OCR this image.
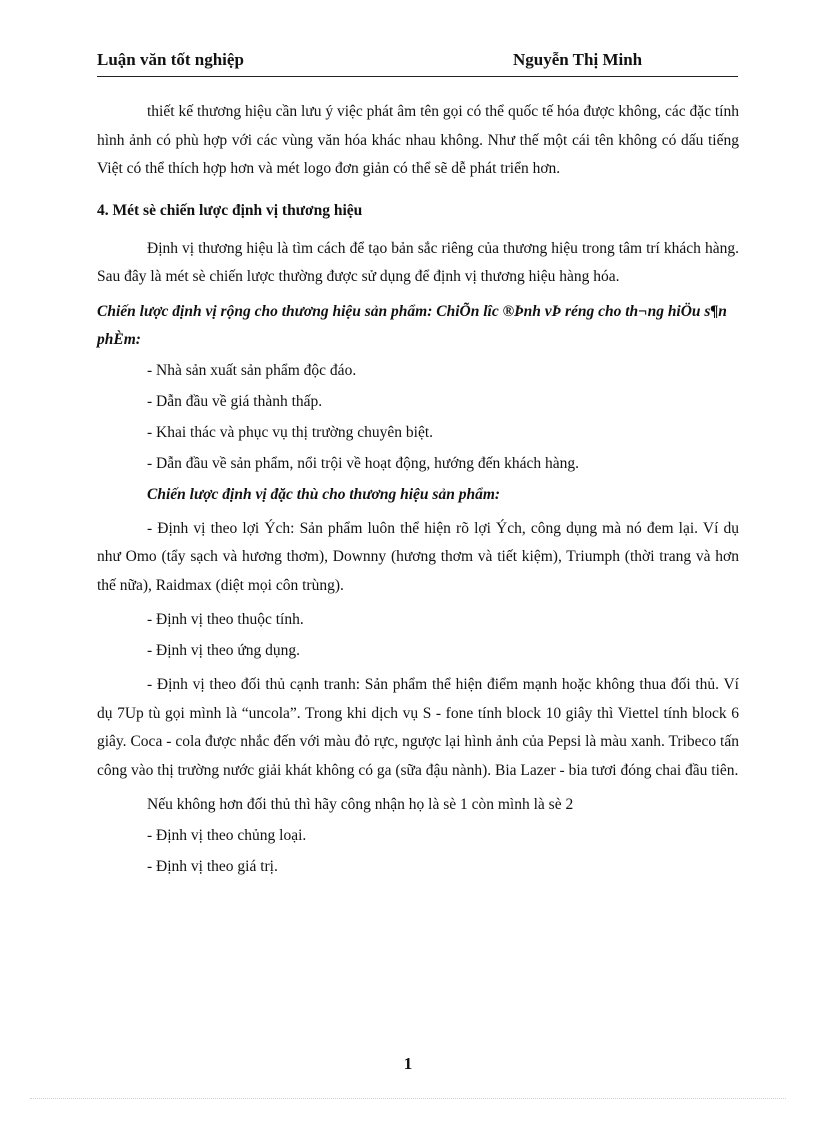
Luận văn tốt nghiệp	Nguyễn Thị Minh

thiết kế thương hiệu cần lưu ý việc phát âm tên gọi có thể quốc tế hóa được không, các đặc tính hình ảnh có phù hợp với các vùng văn hóa khác nhau không. Như thế một cái tên không có dấu tiếng Việt có thể thích hợp hơn và mét logo đơn giản có thể sẽ dễ phát triển hơn.

4. Mét sè chiến lược định vị thương hiệu

Định vị thương hiệu là tìm cách để tạo bản sắc riêng của thương hiệu trong tâm trí khách hàng. Sau đây là mét sè chiến lược thường được sử dụng để định vị thương hiệu hàng hóa.

Chiến lược định vị rộng cho thương hiệu sản phẩm: ChiÕn lîc ®Þnh vÞ réng cho th¬ng hiÖu s¶n phÈm:

- Nhà sản xuất sản phẩm độc đáo.

- Dẫn đầu về giá thành thấp.

- Khai thác và phục vụ thị trường chuyên biệt.

- Dẫn đầu về sản phẩm, nổi trội về hoạt động, hướng đến khách hàng.

Chiến lược định vị đặc thù cho thương hiệu sản phẩm:

- Định vị theo lợi Ých: Sản phẩm luôn thể hiện rõ lợi Ých, công dụng mà nó đem lại. Ví dụ như Omo (tẩy sạch và hương thơm), Downny (hương thơm và tiết kiệm), Triumph (thời trang và hơn thế nữa), Raidmax (diệt mọi côn trùng).

- Định vị theo thuộc tính.

- Định vị theo ứng dụng.

- Định vị theo đối thủ cạnh tranh: Sản phẩm thể hiện điểm mạnh hoặc không thua đối thủ. Ví dụ 7Up tù gọi mình là “uncola”. Trong khi dịch vụ S - fone tính block 10 giây thì Viettel tính block 6 giây. Coca - cola được nhắc đến với màu đỏ rực, ngược lại hình ảnh của Pepsi là màu xanh. Tribeco tấn công vào thị trường nước giải khát không có ga (sữa đậu nành). Bia Lazer - bia tươi đóng chai đầu tiên.

Nếu không hơn đối thủ thì hãy công nhận họ là sè 1 còn mình là sè 2

- Định vị theo chủng loại.

- Định vị theo giá trị.

1
